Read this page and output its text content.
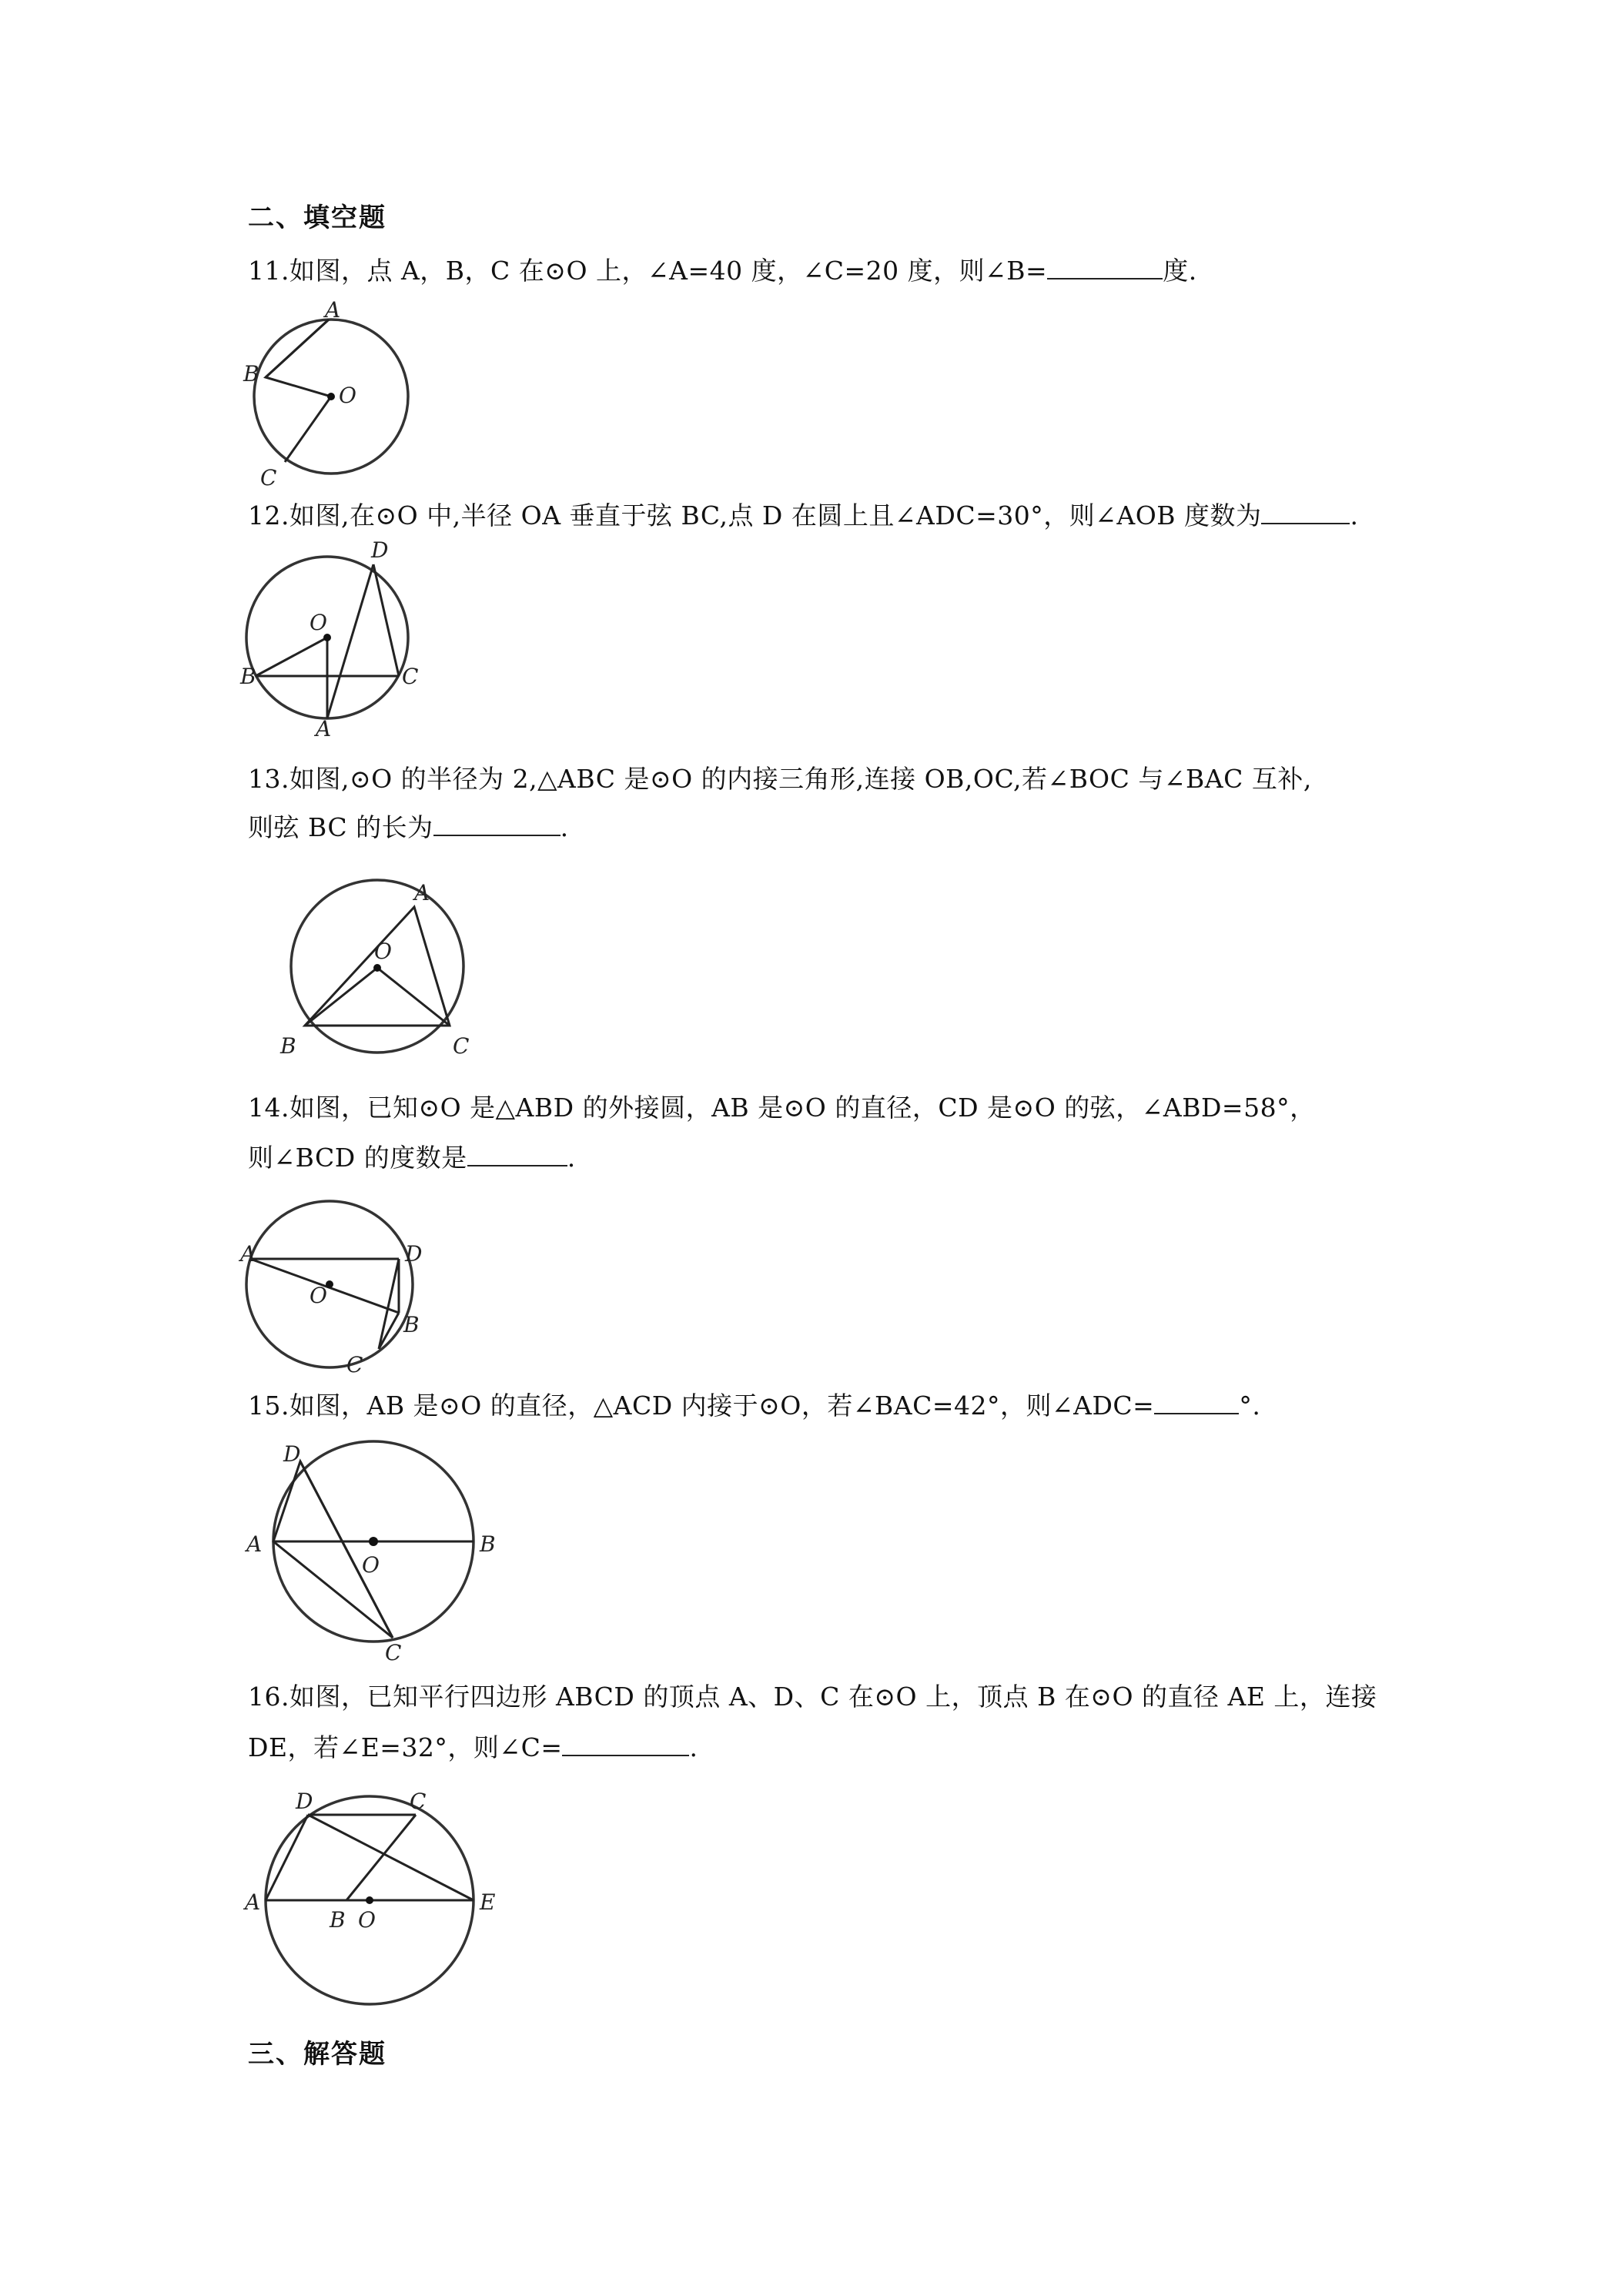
二、填空题
11.如图，点 A，B，C 在⊙O 上，∠A=40 度，∠C=20 度，则∠B=	度.
A
B
O
C
12.如图,在⊙O 中,半径 OA 垂直于弦 BC,点 D 在圆上且∠ADC=30°，则∠AOB 度数为	.
O
D
B	C
A
13.如图,⊙O 的半径为 2,△ABC 是⊙O 的内接三角形,连接 OB,OC,若∠BOC 与∠BAC 互补,
则弦 BC 的长为	.
A
O
B	C
14.如图，已知⊙O 是△ABD 的外接圆，AB 是⊙O 的直径，CD 是⊙O 的弦，∠ABD=58°，
则∠BCD 的度数是	.
A	D
O
B
C
15.如图，AB 是⊙O 的直径，△ACD 内接于⊙O，若∠BAC=42°，则∠ADC=	°.
D
A
O
B
C
16.如图，已知平行四边形 ABCD 的顶点 A、D、C 在⊙O 上，顶点 B 在⊙O 的直径 AE 上，连接
DE，若∠E=32°，则∠C=	.
D	C
A
B O
E
三、解答题
